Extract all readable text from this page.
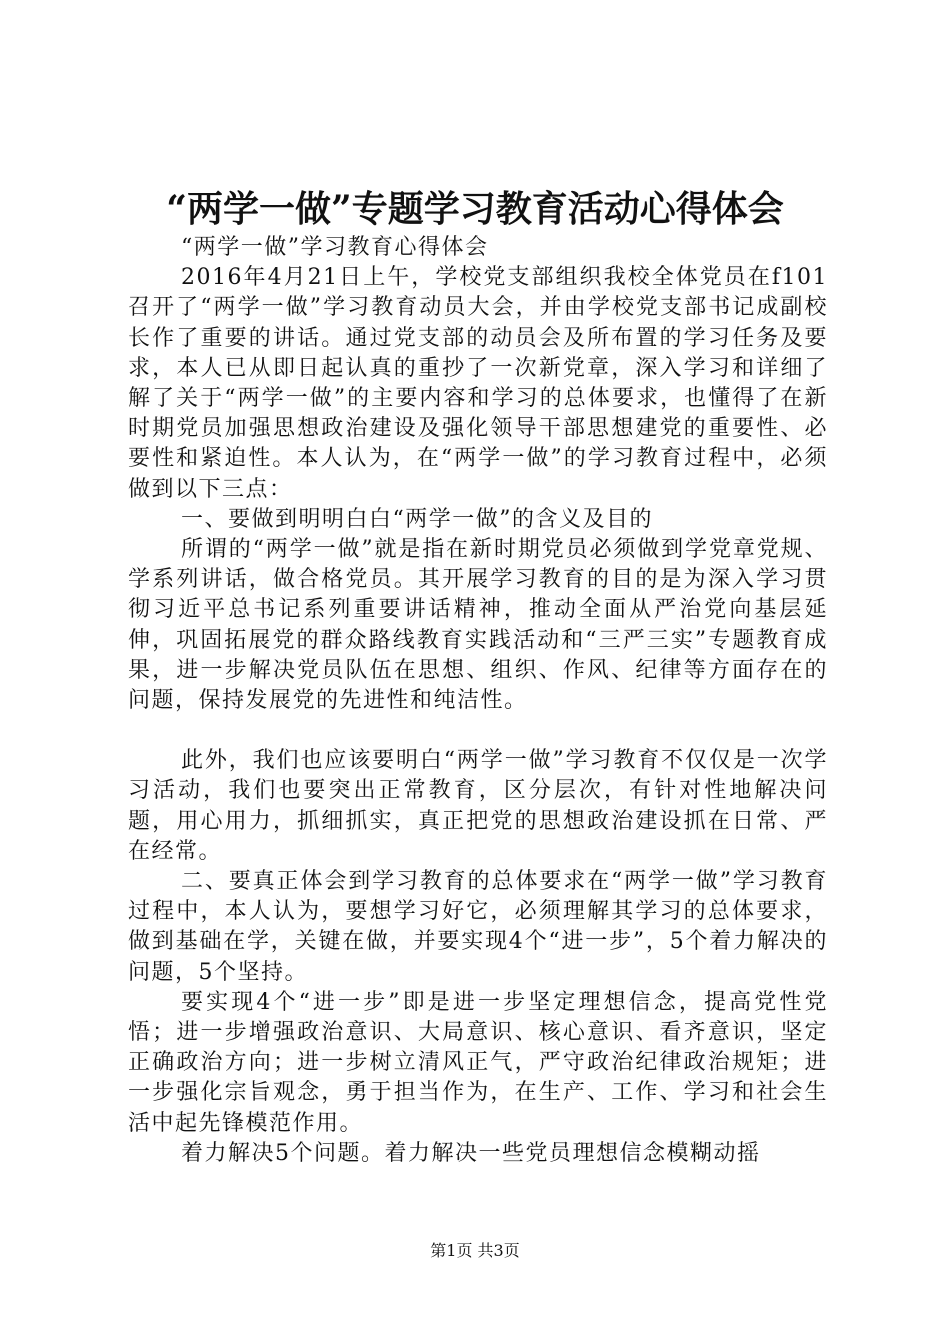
“两学一做”专题学习教育活动心得体会

“两学一做”学习教育心得体会

2016年4月21日上午，学校党支部组织我校全体党员在f101召开了“两学一做”学习教育动员大会，并由学校党支部书记成副校长作了重要的讲话。通过党支部的动员会及所布置的学习任务及要求，本人已从即日起认真的重抄了一次新党章，深入学习和详细了解了关于“两学一做”的主要内容和学习的总体要求，也懂得了在新时期党员加强思想政治建设及强化领导干部思想建党的重要性、必要性和紧迫性。本人认为，在“两学一做”的学习教育过程中，必须做到以下三点：

一、要做到明明白白“两学一做”的含义及目的

所谓的“两学一做”就是指在新时期党员必须做到学党章党规、学系列讲话，做合格党员。其开展学习教育的目的是为深入学习贯彻习近平总书记系列重要讲话精神，推动全面从严治党向基层延伸，巩固拓展党的群众路线教育实践活动和“三严三实”专题教育成果，进一步解决党员队伍在思想、组织、作风、纪律等方面存在的问题，保持发展党的先进性和纯洁性。

此外，我们也应该要明白“两学一做”学习教育不仅仅是一次学习活动，我们也要突出正常教育，区分层次，有针对性地解决问题，用心用力，抓细抓实，真正把党的思想政治建设抓在日常、严在经常。

二、要真正体会到学习教育的总体要求在“两学一做”学习教育过程中，本人认为，要想学习好它，必须理解其学习的总体要求，做到基础在学，关键在做，并要实现4个“进一步”，5个着力解决的问题，5个坚持。

要实现4个“进一步”即是进一步坚定理想信念，提高党性党悟；进一步增强政治意识、大局意识、核心意识、看齐意识，坚定正确政治方向；进一步树立清风正气，严守政治纪律政治规矩；进一步强化宗旨观念，勇于担当作为，在生产、工作、学习和社会生活中起先锋模范作用。

着力解决5个问题。着力解决一些党员理想信念模糊动摇

第1页 共3页
